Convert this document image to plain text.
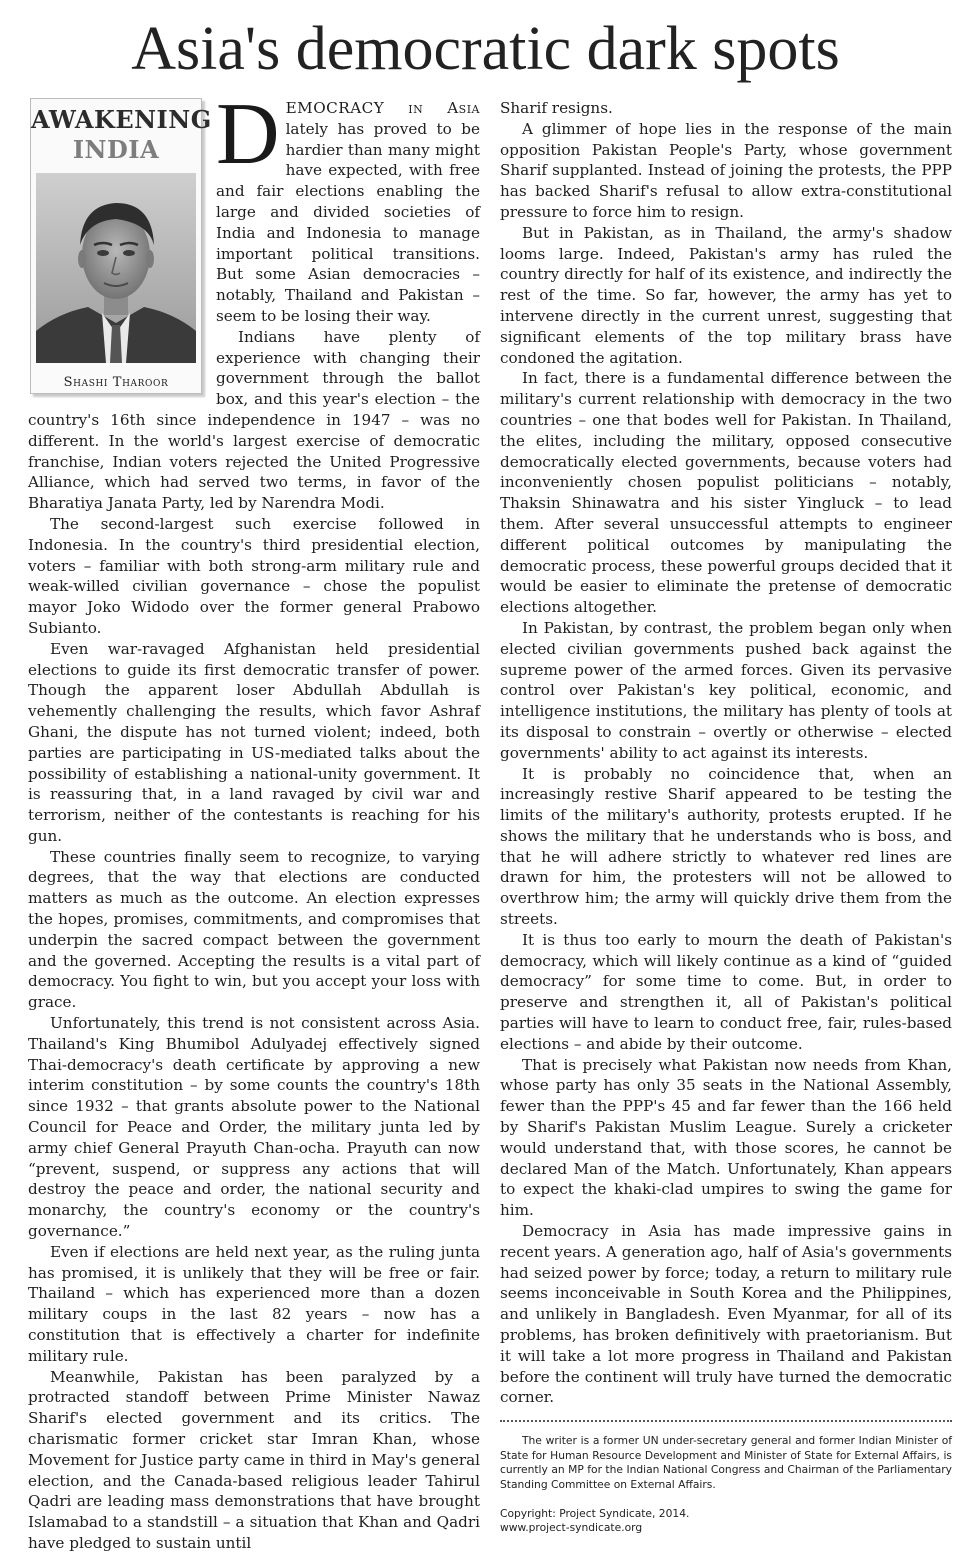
Asia's democratic dark spots
AWAKENING
INDIA
Shashi Tharoor

DEMOCRACY in Asia lately has proved to be hardier than many might have expected, with free and fair elections enabling the large and divided societies of India and Indonesia to manage important political transitions. But some Asian democracies – notably, Thailand and Pakistan – seem to be losing their way.

Indians have plenty of experience with changing their government through the ballot box, and this year's election – the country's 16th since independence in 1947 – was no different. In the world's largest exercise of democratic franchise, Indian voters rejected the United Progressive Alliance, which had served two terms, in favor of the Bharatiya Janata Party, led by Narendra Modi.

The second-largest such exercise followed in Indonesia. In the country's third presidential election, voters – familiar with both strong-arm military rule and weak-willed civilian governance – chose the populist mayor Joko Widodo over the former general Prabowo Subianto.

Even war-ravaged Afghanistan held presidential elections to guide its first democratic transfer of power. Though the apparent loser Abdullah Abdullah is vehemently challenging the results, which favor Ashraf Ghani, the dispute has not turned violent; indeed, both parties are participating in US-mediated talks about the possibility of establishing a national-unity government. It is reassuring that, in a land ravaged by civil war and terrorism, neither of the contestants is reaching for his gun.

These countries finally seem to recognize, to varying degrees, that the way that elections are conducted matters as much as the outcome. An election expresses the hopes, promises, commitments, and compromises that underpin the sacred compact between the government and the governed. Accepting the results is a vital part of democracy. You fight to win, but you accept your loss with grace.

Unfortunately, this trend is not consistent across Asia. Thailand's King Bhumibol Adulyadej effectively signed Thai-democracy's death certificate by approving a new interim constitution – by some counts the country's 18th since 1932 – that grants absolute power to the National Council for Peace and Order, the military junta led by army chief General Prayuth Chan-ocha. Prayuth can now “prevent, suspend, or suppress any actions that will destroy the peace and order, the national security and monarchy, the country's economy or the country's governance.”

Even if elections are held next year, as the ruling junta has promised, it is unlikely that they will be free or fair. Thailand – which has experienced more than a dozen military coups in the last 82 years – now has a constitution that is effectively a charter for indefinite military rule.

Meanwhile, Pakistan has been paralyzed by a protracted standoff between Prime Minister Nawaz Sharif's elected government and its critics. The charismatic former cricket star Imran Khan, whose Movement for Justice party came in third in May's general election, and the Canada-based religious leader Tahirul Qadri are leading mass demonstrations that have brought Islamabad to a standstill – a situation that Khan and Qadri have pledged to sustain until

Sharif resigns.

A glimmer of hope lies in the response of the main opposition Pakistan People's Party, whose government Sharif supplanted. Instead of joining the protests, the PPP has backed Sharif's refusal to allow extra-constitutional pressure to force him to resign.

But in Pakistan, as in Thailand, the army's shadow looms large. Indeed, Pakistan's army has ruled the country directly for half of its existence, and indirectly the rest of the time. So far, however, the army has yet to intervene directly in the current unrest, suggesting that significant elements of the top military brass have condoned the agitation.

In fact, there is a fundamental difference between the military's current relationship with democracy in the two countries – one that bodes well for Pakistan. In Thailand, the elites, including the military, opposed consecutive democratically elected governments, because voters had inconveniently chosen populist politicians – notably, Thaksin Shinawatra and his sister Yingluck – to lead them. After several unsuccessful attempts to engineer different political outcomes by manipulating the democratic process, these powerful groups decided that it would be easier to eliminate the pretense of democratic elections altogether.

In Pakistan, by contrast, the problem began only when elected civilian governments pushed back against the supreme power of the armed forces. Given its pervasive control over Pakistan's key political, economic, and intelligence institutions, the military has plenty of tools at its disposal to constrain – overtly or otherwise – elected governments' ability to act against its interests.

It is probably no coincidence that, when an increasingly restive Sharif appeared to be testing the limits of the military's authority, protests erupted. If he shows the military that he understands who is boss, and that he will adhere strictly to whatever red lines are drawn for him, the protesters will not be allowed to overthrow him; the army will quickly drive them from the streets.

It is thus too early to mourn the death of Pakistan's democracy, which will likely continue as a kind of “guided democracy” for some time to come. But, in order to preserve and strengthen it, all of Pakistan's political parties will have to learn to conduct free, fair, rules-based elections – and abide by their outcome.

That is precisely what Pakistan now needs from Khan, whose party has only 35 seats in the National Assembly, fewer than the PPP's 45 and far fewer than the 166 held by Sharif's Pakistan Muslim League. Surely a cricketer would understand that, with those scores, he cannot be declared Man of the Match. Unfortunately, Khan appears to expect the khaki-clad umpires to swing the game for him.

Democracy in Asia has made impressive gains in recent years. A generation ago, half of Asia's governments had seized power by force; today, a return to military rule seems inconceivable in South Korea and the Philippines, and unlikely in Bangladesh. Even Myanmar, for all of its problems, has broken definitively with praetorianism. But it will take a lot more progress in Thailand and Pakistan before the continent will truly have turned the democratic corner.

The writer is a former UN under-secretary general and former Indian Minister of State for Human Resource Development and Minister of State for External Affairs, is currently an MP for the Indian National Congress and Chairman of the Parliamentary Standing Committee on External Affairs.

Copyright: Project Syndicate, 2014.
www.project-syndicate.org
